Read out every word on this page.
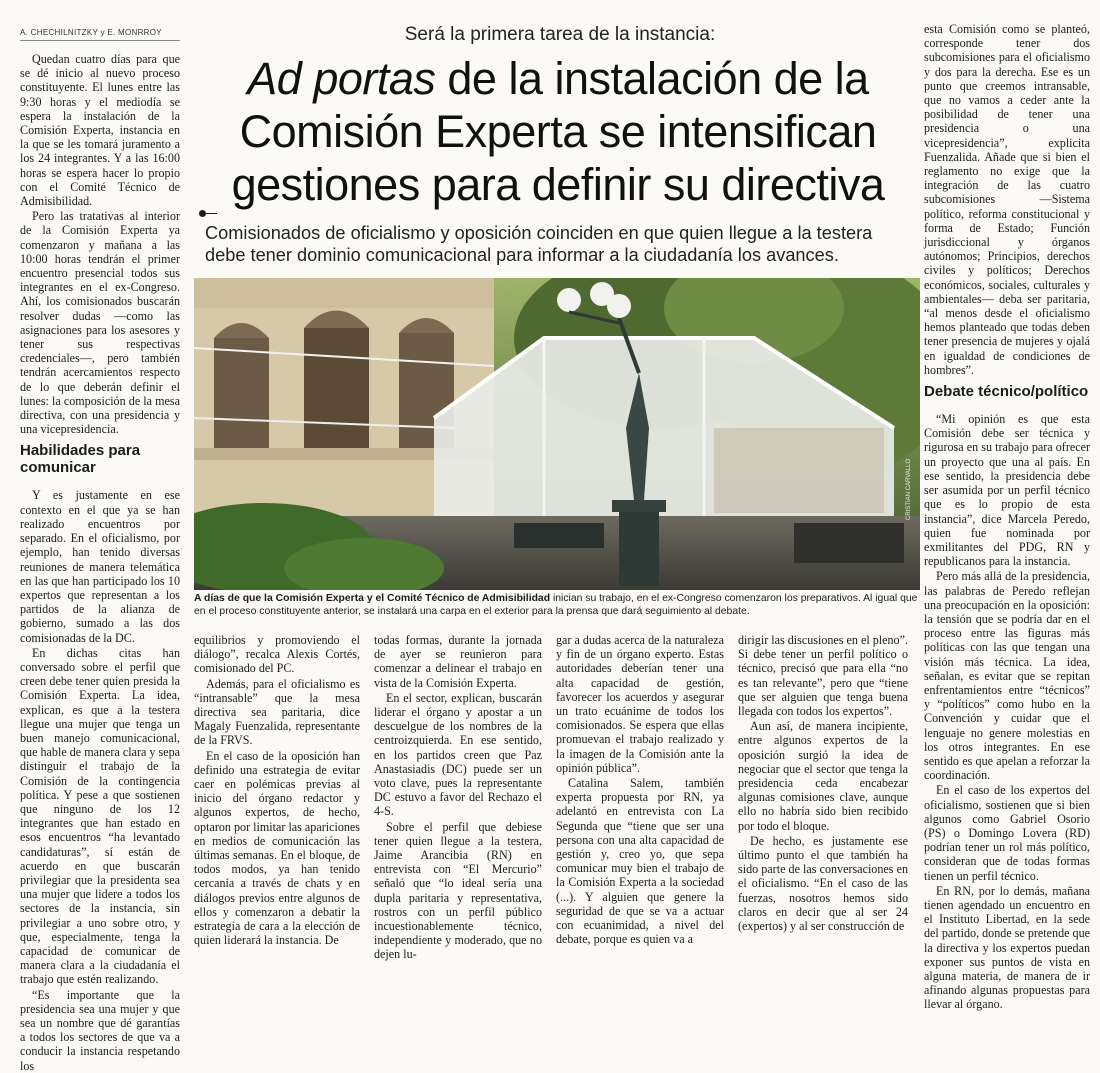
A. CHECHILNITZKY y E. MONRROY

Quedan cuatro días para que se dé inicio al nuevo proceso constituyente. El lunes entre las 9:30 horas y el mediodía se espera la instalación de la Comisión Experta, instancia en la que se les tomará juramento a los 24 integrantes. Y a las 16:00 horas se espera hacer lo propio con el Comité Técnico de Admisibilidad.

Pero las tratativas al interior de la Comisión Experta ya comenzaron y mañana a las 10:00 horas tendrán el primer encuentro presencial todos sus integrantes en el ex-Congreso. Ahí, los comisionados buscarán resolver dudas —como las asignaciones para los asesores y tener sus respectivas credenciales—, pero también tendrán acercamientos respecto de lo que deberán definir el lunes: la composición de la mesa directiva, con una presidencia y una vicepresidencia.

Habilidades para comunicar

Y es justamente en ese contexto en el que ya se han realizado encuentros por separado. En el oficialismo, por ejemplo, han tenido diversas reuniones de manera telemática en las que han participado los 10 expertos que representan a los partidos de la alianza de gobierno, sumado a las dos comisionadas de la DC.

En dichas citas han conversado sobre el perfil que creen debe tener quien presida la Comisión Experta. La idea, explican, es que a la testera llegue una mujer que tenga un buen manejo comunicacional, que hable de manera clara y sepa distinguir el trabajo de la Comisión de la contingencia política. Y pese a que sostienen que ninguno de los 12 integrantes que han estado en esos encuentros “ha levantado candidaturas”, sí están de acuerdo en que buscarán privilegiar que la presidenta sea una mujer que lidere a todos los sectores de la instancia, sin privilegiar a uno sobre otro, y que, especialmente, tenga la capacidad de comunicar de manera clara a la ciudadanía el trabajo que estén realizando.

“Es importante que la presidencia sea una mujer y que sea un nombre que dé garantías a todos los sectores de que va a conducir la instancia respetando los

Será la primera tarea de la instancia:
Ad portas de la instalación de la
Comisión Experta se intensifican
gestiones para definir su directiva
Comisionados de oficialismo y oposición coinciden en que quien llegue a la testera debe tener dominio comunicacional para informar a la ciudadanía los avances.
CRISTIAN CARVALLO
A días de que la Comisión Experta y el Comité Técnico de Admisibilidad inician su trabajo, en el ex-Congreso comenzaron los preparativos. Al igual que en el proceso constituyente anterior, se instalará una carpa en el exterior para la prensa que dará seguimiento al debate.

equilibrios y promoviendo el diálogo”, recalca Alexis Cortés, comisionado del PC.

Además, para el oficialismo es “intransable” que la mesa directiva sea paritaria, dice Magaly Fuenzalida, representante de la FRVS.

En el caso de la oposición han definido una estrategia de evitar caer en polémicas previas al inicio del órgano redactor y algunos expertos, de hecho, optaron por limitar las apariciones en medios de comunicación las últimas semanas. En el bloque, de todos modos, ya han tenido cercanía a través de chats y en diálogos previos entre algunos de ellos y comenzaron a debatir la estrategia de cara a la elección de quien liderará la instancia. De

todas formas, durante la jornada de ayer se reunieron para comenzar a delinear el trabajo en vista de la Comisión Experta.

En el sector, explican, buscarán liderar el órgano y apostar a un descuelgue de los nombres de la centroizquierda. En ese sentido, en los partidos creen que Paz Anastasiadis (DC) puede ser un voto clave, pues la representante DC estuvo a favor del Rechazo el 4-S.

Sobre el perfil que debiese tener quien llegue a la testera, Jaime Arancibia (RN) en entrevista con “El Mercurio” señaló que “lo ideal sería una dupla paritaria y representativa, rostros con un perfil público incuestionablemente técnico, independiente y moderado, que no dejen lu-

gar a dudas acerca de la naturaleza y fin de un órgano experto. Estas autoridades deberían tener una alta capacidad de gestión, favorecer los acuerdos y asegurar un trato ecuánime de todos los comisionados. Se espera que ellas promuevan el trabajo realizado y la imagen de la Comisión ante la opinión pública”.

Catalina Salem, también experta propuesta por RN, ya adelantó en entrevista con La Segunda que “tiene que ser una persona con una alta capacidad de gestión y, creo yo, que sepa comunicar muy bien el trabajo de la Comisión Experta a la sociedad (...). Y alguien que genere la seguridad de que se va a actuar con ecuanimidad, a nivel del debate, porque es quien va a

dirigir las discusiones en el pleno”. Si debe tener un perfil político o técnico, precisó que para ella “no es tan relevante”, pero que “tiene que ser alguien que tenga buena llegada con todos los expertos”.

Aun así, de manera incipiente, entre algunos expertos de la oposición surgió la idea de negociar que el sector que tenga la presidencia ceda encabezar algunas comisiones clave, aunque ello no habría sido bien recibido por todo el bloque.

De hecho, es justamente ese último punto el que también ha sido parte de las conversaciones en el oficialismo. “En el caso de las fuerzas, nosotros hemos sido claros en decir que al ser 24 (expertos) y al ser construcción de

esta Comisión como se planteó, corresponde tener dos subcomisiones para el oficialismo y dos para la derecha. Ese es un punto que creemos intransable, que no vamos a ceder ante la posibilidad de tener una presidencia o una vicepresidencia”, explicita Fuenzalida. Añade que si bien el reglamento no exige que la integración de las cuatro subcomisiones —Sistema político, reforma constitucional y forma de Estado; Función jurisdiccional y órganos autónomos; Principios, derechos civiles y políticos; Derechos económicos, sociales, culturales y ambientales— deba ser paritaria, “al menos desde el oficialismo hemos planteado que todas deben tener presencia de mujeres y ojalá en igualdad de condiciones de hombres”.

Debate técnico/político

“Mi opinión es que esta Comisión debe ser técnica y rigurosa en su trabajo para ofrecer un proyecto que una al país. En ese sentido, la presidencia debe ser asumida por un perfil técnico que es lo propio de esta instancia”, dice Marcela Peredo, quien fue nominada por exmilitantes del PDG, RN y republicanos para la instancia.

Pero más allá de la presidencia, las palabras de Peredo reflejan una preocupación en la oposición: la tensión que se podría dar en el proceso entre las figuras más políticas con las que tengan una visión más técnica. La idea, señalan, es evitar que se repitan enfrentamientos entre “técnicos” y “políticos” como hubo en la Convención y cuidar que el lenguaje no genere molestias en los otros integrantes. En ese sentido es que apelan a reforzar la coordinación.

En el caso de los expertos del oficialismo, sostienen que si bien algunos como Gabriel Osorio (PS) o Domingo Lovera (RD) podrían tener un rol más político, consideran que de todas formas tienen un perfil técnico.

En RN, por lo demás, mañana tienen agendado un encuentro en el Instituto Libertad, en la sede del partido, donde se pretende que la directiva y los expertos puedan exponer sus puntos de vista en alguna materia, de manera de ir afinando algunas propuestas para llevar al órgano.
